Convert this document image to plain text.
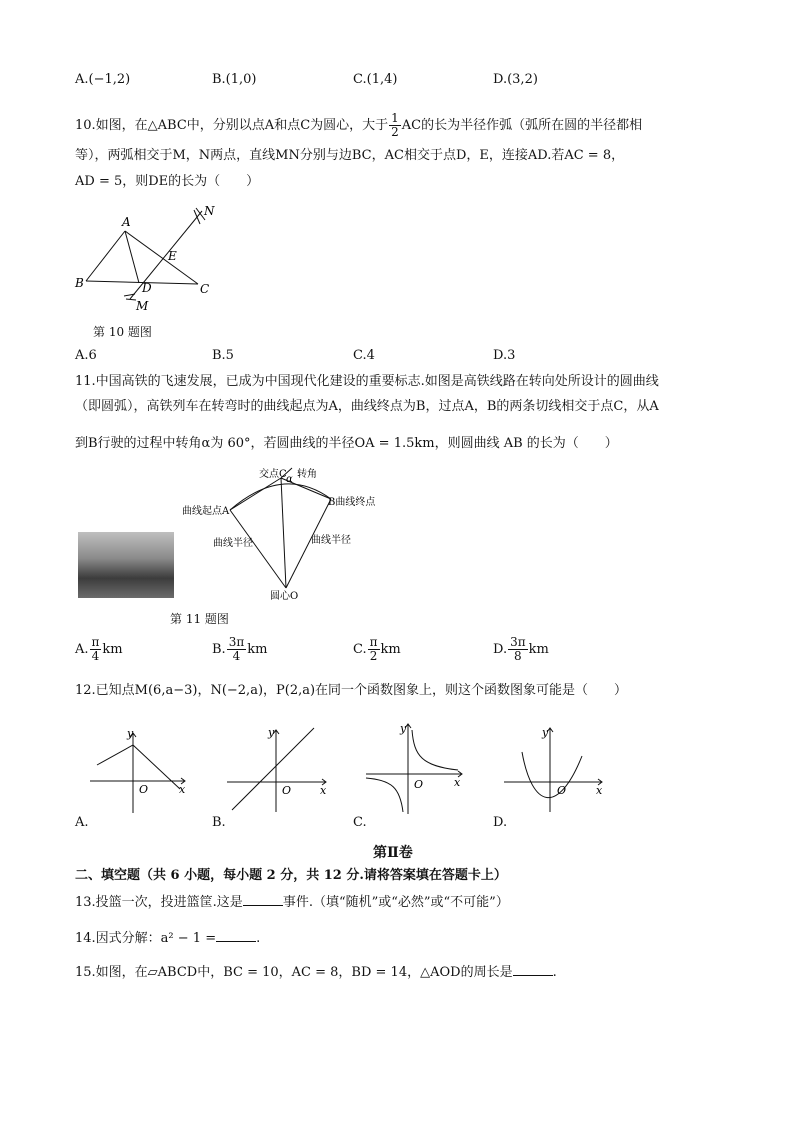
A.(−1,2)	B.(1,0)	C.(1,4)	D.(3,2)
10.如图，在△ABC中，分别以点A和点C为圆心，大于 $\frac{1}{2}$ AC的长为半径作弧（弧所在圆的半径都相
等），两弧相交于M，N两点，直线MN分别与边BC，AC相交于点D，E，连接AD.若AC = 8，
AD = 5，则DE的长为（　　）
A
B	C
D
E
M
N
第 10 题图
A.6	B.5	C.4	D.3
11.中国高铁的飞速发展，已成为中国现代化建设的重要标志.如图是高铁线路在转向处所设计的圆曲线
（即圆弧），高铁列车在转弯时的曲线起点为A，曲线终点为B，过点A，B的两条切线相交于点C，从A
到B行驶的过程中转角α为 60°，若圆曲线的半径OA = 1.5km，则圆曲线 AB 的长为（　　）
交点C α 转角
曲线起点A
B曲线终点
曲线半径	曲线半径
圆心O
第 11 题图
A. $\frac{\pi}{4}$ km	B. $\frac{3\pi}{4}$ km	C. $\frac{\pi}{2}$ km	D. $\frac{3\pi}{8}$ km
12.已知点M(6,a−3)，N(−2,a)，P(2,a)在同一个函数图象上，则这个函数图象可能是（　　）
y
x
O
y
x
O
y
x
O
y
x
O
A.	B.	C.	D.
第Ⅱ卷
二、填空题（共 6 小题，每小题 2 分，共 12 分.请将答案填在答题卡上）
13.投篮一次，投进篮筐.这是	事件.（填“随机”或“必然”或“不可能”）
14.因式分解：a² − 1 =	.
15.如图，在▱ABCD中，BC = 10，AC = 8，BD = 14，△AOD的周长是	.
